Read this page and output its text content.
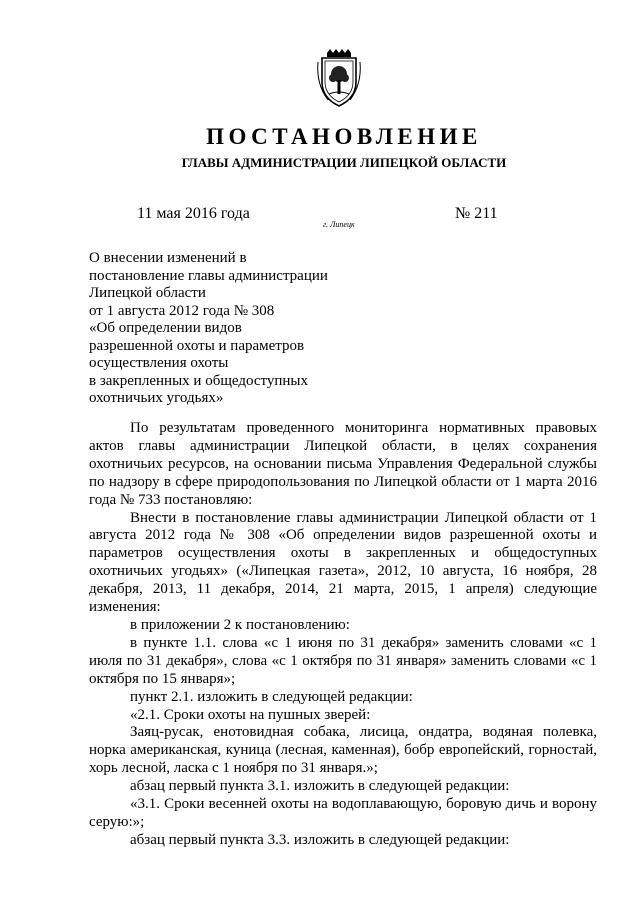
ПОСТАНОВЛЕНИЕ
ГЛАВЫ АДМИНИСТРАЦИИ ЛИПЕЦКОЙ ОБЛАСТИ
11 мая 2016 года
г. Липецк
№ 211
О внесении изменений в
постановление главы администрации
Липецкой области
от 1 августа 2012 года № 308
«Об определении видов
разрешенной охоты и параметров
осуществления охоты
в закрепленных и общедоступных
охотничьих угодьях»

По результатам проведенного мониторинга нормативных правовых актов главы администрации Липецкой области, в целях сохранения охотничьих ресурсов, на основании письма Управления Федеральной службы по надзору в сфере природопользования по Липецкой области от 1 марта 2016 года № 733 постановляю:

Внести в постановление главы администрации Липецкой области от 1 августа 2012 года № 308 «Об определении видов разрешенной охоты и параметров осуществления охоты в закрепленных и общедоступных охотничьих угодьях» («Липецкая газета», 2012, 10 августа, 16 ноября, 28 декабря, 2013, 11 декабря, 2014, 21 марта, 2015, 1 апреля) следующие изменения:

в приложении 2 к постановлению:

в пункте 1.1. слова «с 1 июня по 31 декабря» заменить словами «с 1 июля по 31 декабря», слова «с 1 октября по 31 января» заменить словами «с 1 октября по 15 января»;

пункт 2.1. изложить в следующей редакции:

«2.1. Сроки охоты на пушных зверей:

Заяц-русак, енотовидная собака, лисица, ондатра, водяная полевка, норка американская, куница (лесная, каменная), бобр европейский, горностай, хорь лесной, ласка с 1 ноября по 31 января.»;

абзац первый пункта 3.1. изложить в следующей редакции:

«3.1. Сроки весенней охоты на водоплавающую, боровую дичь и ворону серую:»;

абзац первый пункта 3.3. изложить в следующей редакции:
